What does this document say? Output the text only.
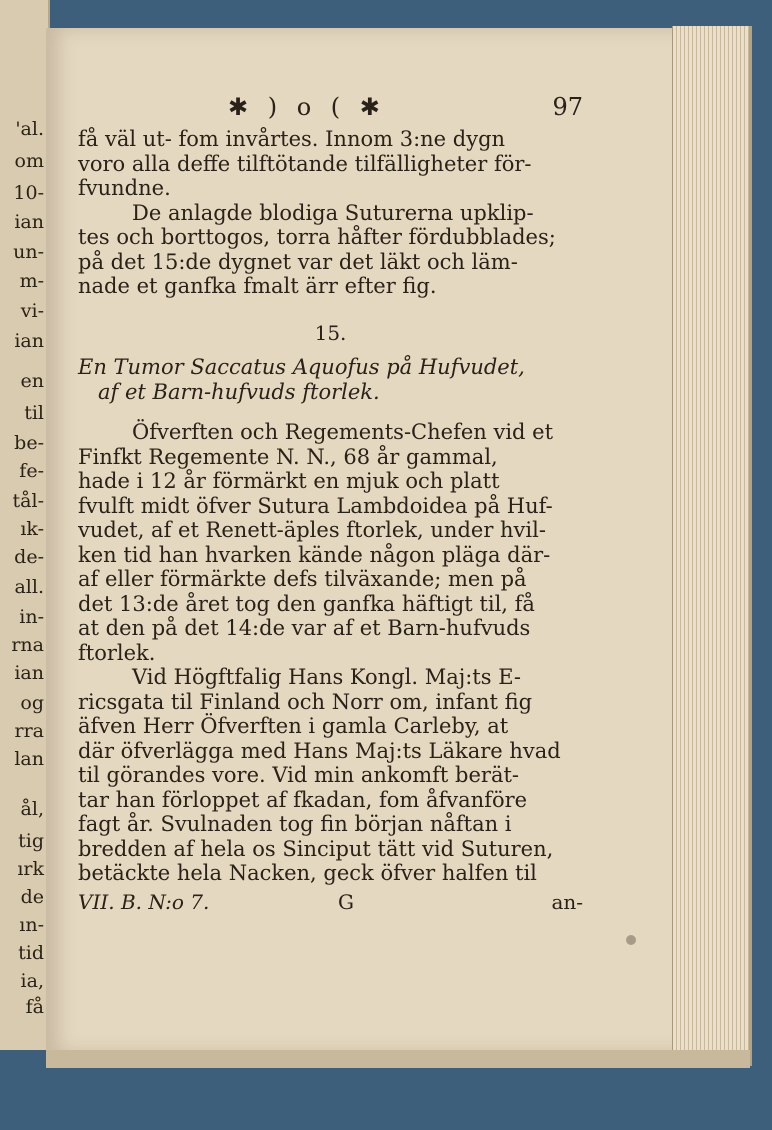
'al.
om
10-
ian
un-
m-
vi-
ian
en
til
be-
fe-
tål-
ık-
de-
all.
in-
rna
ian
og
rra
lan
ål,
tig
ırk
de
ın-
tid
ia,
få
✱ ) o ( ✱	97

få väl ut- fom invårtes. Innom 3:ne dygn
voro alla deffe tilftötande tilfälligheter för-
fvundne.

De anlagde blodiga Suturerna upklip-
tes och borttogos, torra håfter fördubblades;
på det 15:de dygnet var det läkt och läm-
nade et ganfka fmalt ärr efter fig.

15.
En Tumor Saccatus Aquofus på Hufvudet,
af et Barn-hufvuds ftorlek.

Öfverften och Regements-Chefen vid et
Finfkt Regemente N. N., 68 år gammal,
hade i 12 år förmärkt en mjuk och platt
fvulft midt öfver Sutura Lambdoidea på Huf-
vudet, af et Renett-äples ftorlek, under hvil-
ken tid han hvarken kände någon pläga där-
af eller förmärkte defs tilväxande; men på
det 13:de året tog den ganfka häftigt til, få
at den på det 14:de var af et Barn-hufvuds
ftorlek.

Vid Högftfalig Hans Kongl. Maj:ts E-
ricsgata til Finland och Norr om, infant fig
äfven Herr Öfverften i gamla Carleby, at
där öfverlägga med Hans Maj:ts Läkare hvad
til görandes vore. Vid min ankomft berät-
tar han förloppet af fkadan, fom åfvanföre
fagt år. Svulnaden tog fin början nåftan i
bredden af hela os Sinciput tätt vid Suturen,
betäckte hela Nacken, geck öfver halfen til

VII. B. N:o 7.	G	an-
